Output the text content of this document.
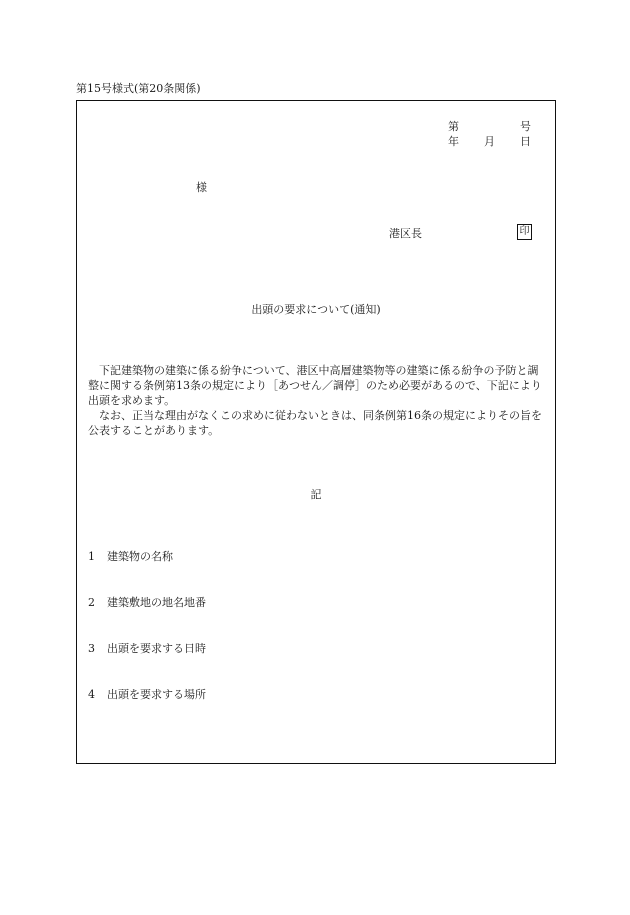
第15号様式(第20条関係)
第	号
年 月 日
様
港区長	印
出頭の要求について(通知)

下記建築物の建築に係る紛争について、港区中高層建築物等の建築に係る紛争の予防と調整に関する条例第13条の規定により［あつせん／調停］のため必要があるので、下記により出頭を求めます。

なお、正当な理由がなくこの求めに従わないときは、同条例第16条の規定によりその旨を公表することがあります。

記
1 建築物の名称
2 建築敷地の地名地番
3 出頭を要求する日時
4 出頭を要求する場所
